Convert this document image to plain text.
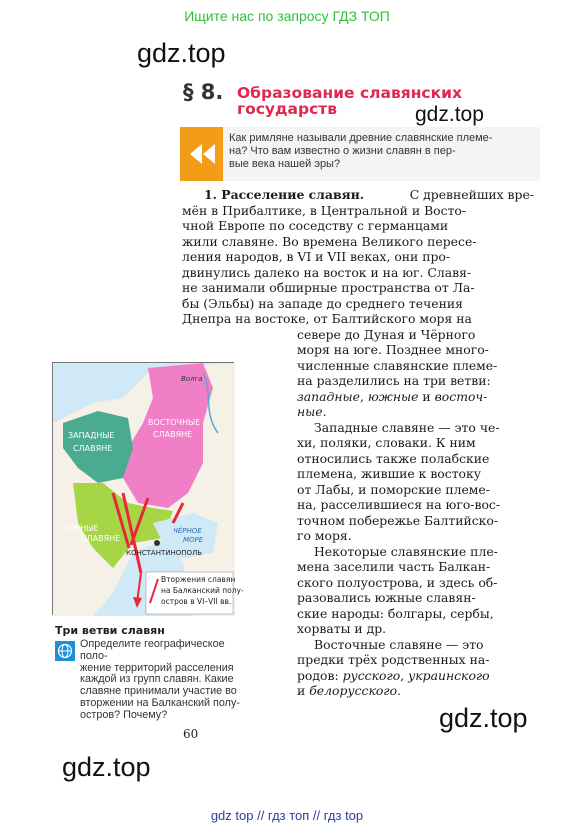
Ищите нас по запросу ГДЗ ТОП
gdz.top
gdz.top
gdz.top
gdz.top
§ 8. Образование славянских
государств
Как римляне называли древние славянские племе-
на? Что вам известно о жизни славян в пер-
вые века нашей эры?
1. Расселение славян.	С древнейших вре-
мён в Прибалтике, в Центральной и Восто-
чной Европе по соседству с германцами
жили славяне. Во времена Великого пересе-
ления народов, в VI и VII веках, они про-
двинулись далеко на восток и на юг. Славя-
не занимали обширные пространства от Ла-
бы (Эльбы) на западе до среднего течения
Днепра на востоке, от Балтийского моря на
севере до Дуная и Чёрного
моря на юге. Позднее много-
численные славянские племе-
на разделились на три ветви:
западные, южные и восточ-
ные.
Западные славяне — это че-
хи, поляки, словаки. К ним
относились также полабские
племена, жившие к востоку
от Лабы, и поморские племе-
на, расселившиеся на юго-вос-
точном побережье Балтийско-
го моря.
Некоторые славянские пле-
мена заселили часть Балкан-
ского полуострова, и здесь об-
разовались южные славян-
ские народы: болгары, сербы,
хорваты и др.
Восточные славяне — это
предки трёх родственных на-
родов: русского, украинского
и белорусского.
Волга
ЗАПАДНЫЕ
СЛАВЯНЕ
ВОСТОЧНЫЕ
СЛАВЯНЕ
ЮЖНЫЕ
СЛАВЯНЕ
ЧЁРНОЕ
МОРЕ
КОНСТАНТИНОПОЛЬ
Вторжения славян
на Балканский полу-
остров в VI–VII вв.
Три ветви славян
Определите географическое поло-
жение территорий расселения
каждой из групп славян. Какие
славяне принимали участие во
вторжении на Балканский полу-
остров? Почему?
60
gdz top // гдз топ // гдз top
